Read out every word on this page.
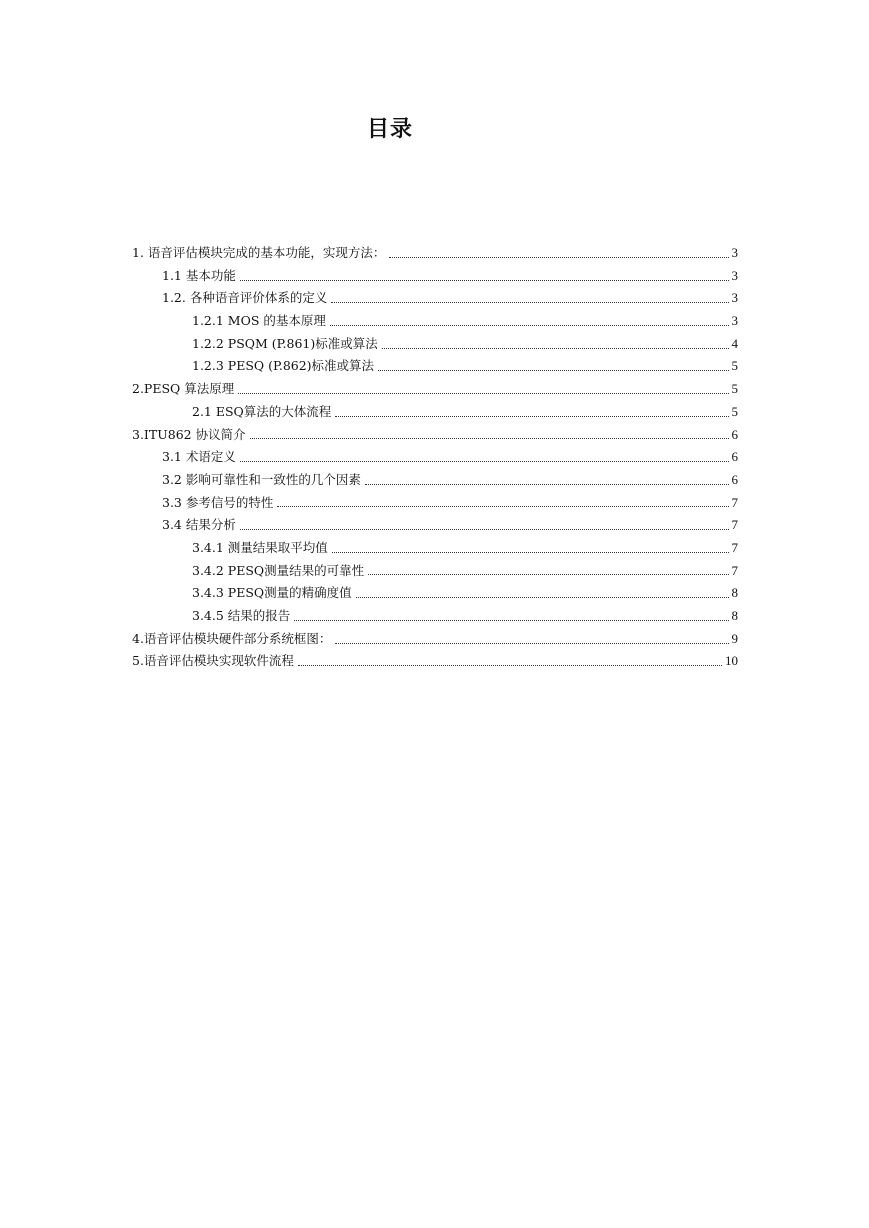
目录
1. 语音评估模块完成的基本功能，实现方法：	3
1.1 基本功能	3
1.2. 各种语音评价体系的定义	3
1.2.1 MOS 的基本原理	3
1.2.2 PSQM (P.861)标准或算法	4
1.2.3 PESQ (P.862)标准或算法	5
2.PESQ 算法原理	5
2.1 ESQ算法的大体流程	5
3.ITU862 协议简介	6
3.1 术语定义	6
3.2 影响可靠性和一致性的几个因素	6
3.3 参考信号的特性	7
3.4 结果分析	7
3.4.1 测量结果取平均值	7
3.4.2 PESQ测量结果的可靠性	7
3.4.3 PESQ测量的精确度值	8
3.4.5 结果的报告	8
4.语音评估模块硬件部分系统框图：	9
5.语音评估模块实现软件流程	10
